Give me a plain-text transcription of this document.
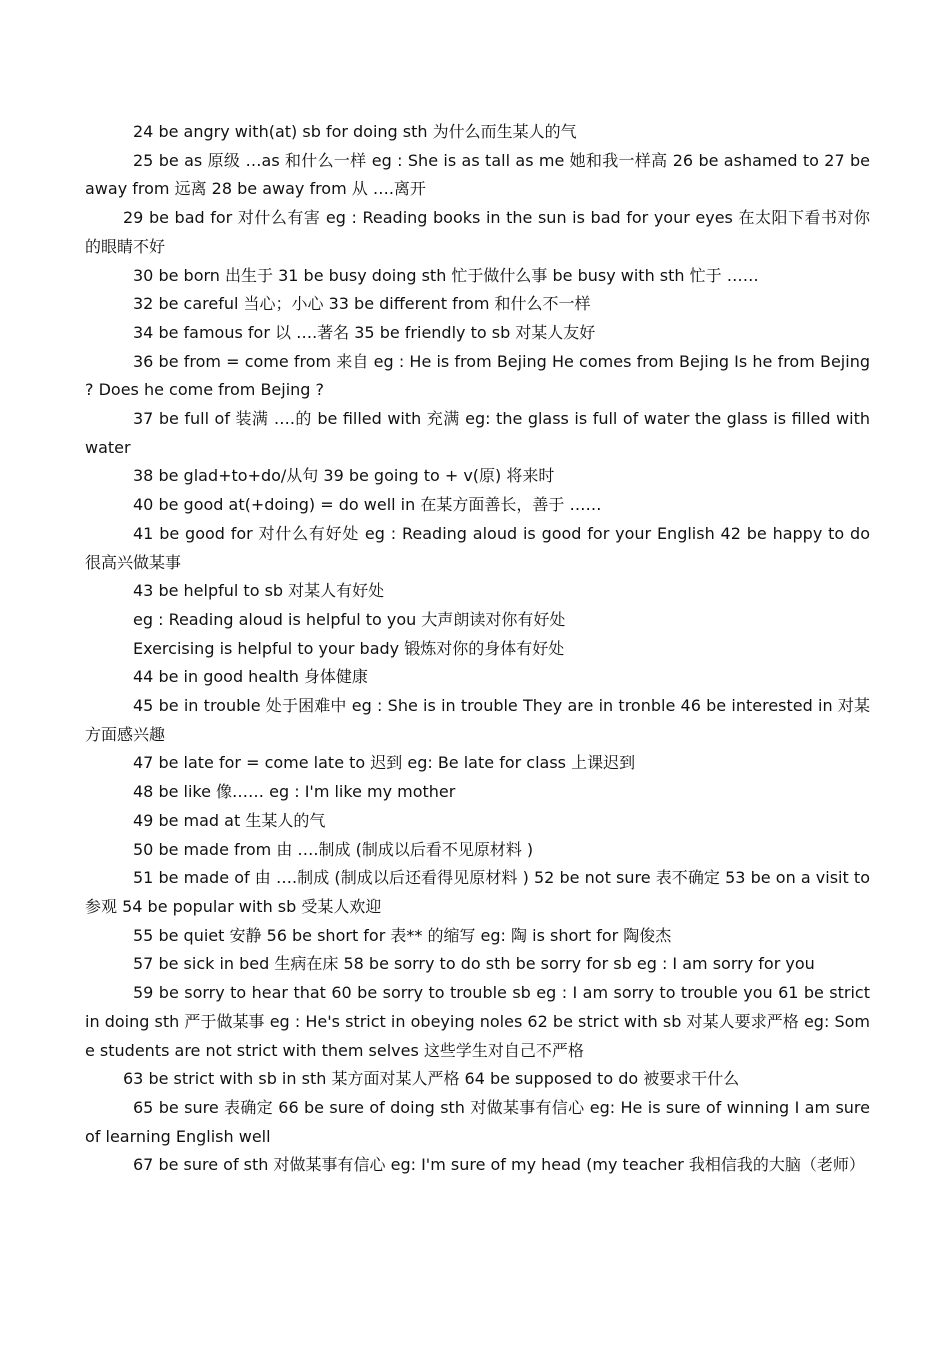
24 be angry with(at) sb for doing sth 为什么而生某人的气

25 be as 原级 …as 和什么一样 eg : She is as tall as me 她和我一样高 26 be ashamed to 27 be away from 远离 28 be away from 从 ….离开

29 be bad for 对什么有害 eg : Reading books in the sun is bad for your eyes 在太阳下看书对你的眼睛不好

30 be born 出生于 31 be busy doing sth 忙于做什么事 be busy with sth 忙于 ……

32 be careful 当心；小心 33 be different from 和什么不一样

34 be famous for 以 ….著名 35 be friendly to sb 对某人友好

36 be from = come from 来自 eg : He is from Bejing He comes from Bejing Is he from Bejing ? Does he come from Bejing ?

37 be full of 装满 ….的 be filled with 充满 eg: the glass is full of water the glass is filled with water

38 be glad+to+do/从句 39 be going to + v(原) 将来时

40 be good at(+doing) = do well in 在某方面善长，善于 ……

41 be good for 对什么有好处 eg : Reading aloud is good for your English 42 be happy to do 很高兴做某事

43 be helpful to sb 对某人有好处

eg : Reading aloud is helpful to you 大声朗读对你有好处

Exercising is helpful to your bady 锻炼对你的身体有好处

44 be in good health 身体健康

45 be in trouble 处于困难中 eg : She is in trouble They are in tronble 46 be interested in 对某方面感兴趣

47 be late for = come late to 迟到 eg: Be late for class 上课迟到

48 be like 像…… eg : I'm like my mother

49 be mad at 生某人的气

50 be made from 由 ….制成 (制成以后看不见原材料 )

51 be made of 由 ….制成 (制成以后还看得见原材料 ) 52 be not sure 表不确定 53 be on a visit to 参观 54 be popular with sb 受某人欢迎

55 be quiet 安静 56 be short for 表** 的缩写 eg: 陶 is short for 陶俊杰

57 be sick in bed 生病在床 58 be sorry to do sth be sorry for sb eg : I am sorry for you

59 be sorry to hear that 60 be sorry to trouble sb eg : I am sorry to trouble you 61 be strict in doing sth 严于做某事 eg : He's strict in obeying noles 62 be strict with sb 对某人要求严格 eg: Some students are not strict with them selves 这些学生对自己不严格

63 be strict with sb in sth 某方面对某人严格 64 be supposed to do 被要求干什么

65 be sure 表确定 66 be sure of doing sth 对做某事有信心 eg: He is sure of winning I am sure of learning English well

67 be sure of sth 对做某事有信心 eg: I'm sure of my head (my teacher 我相信我的大脑（老师）
